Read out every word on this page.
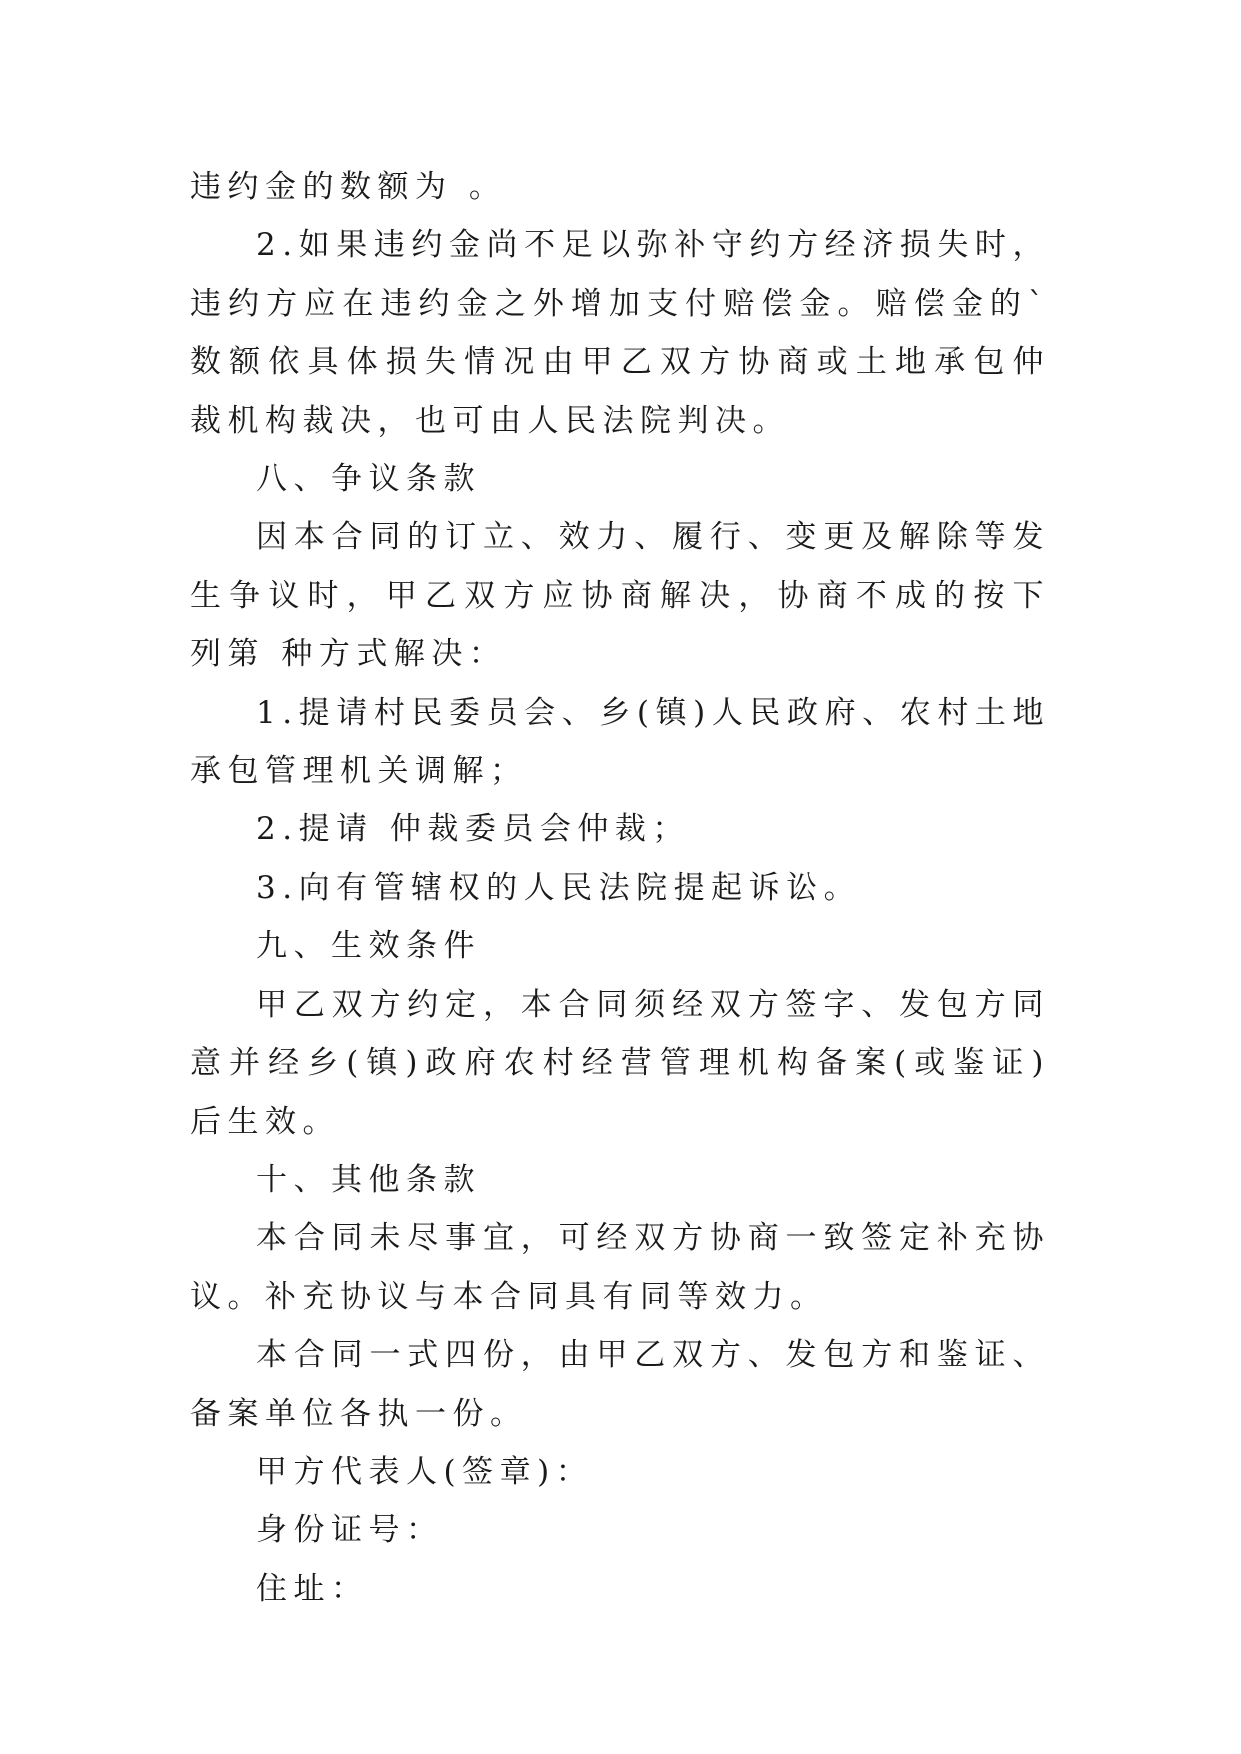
违约金的数额为 。

2.如果违约金尚不足以弥补守约方经济损失时，违约方应在违约金之外增加支付赔偿金。赔偿金的`数额依具体损失情况由甲乙双方协商或土地承包仲裁机构裁决，也可由人民法院判决。

八、争议条款

因本合同的订立、效力、履行、变更及解除等发生争议时，甲乙双方应协商解决，协商不成的按下列第 种方式解决：

1.提请村民委员会、乡(镇)人民政府、农村土地承包管理机关调解；

2.提请 仲裁委员会仲裁；

3.向有管辖权的人民法院提起诉讼。

九、生效条件

甲乙双方约定，本合同须经双方签字、发包方同意并经乡(镇)政府农村经营管理机构备案(或鉴证)后生效。

十、其他条款

本合同未尽事宜，可经双方协商一致签定补充协议。补充协议与本合同具有同等效力。

本合同一式四份，由甲乙双方、发包方和鉴证、备案单位各执一份。

甲方代表人(签章)：

身份证号：

住址：
